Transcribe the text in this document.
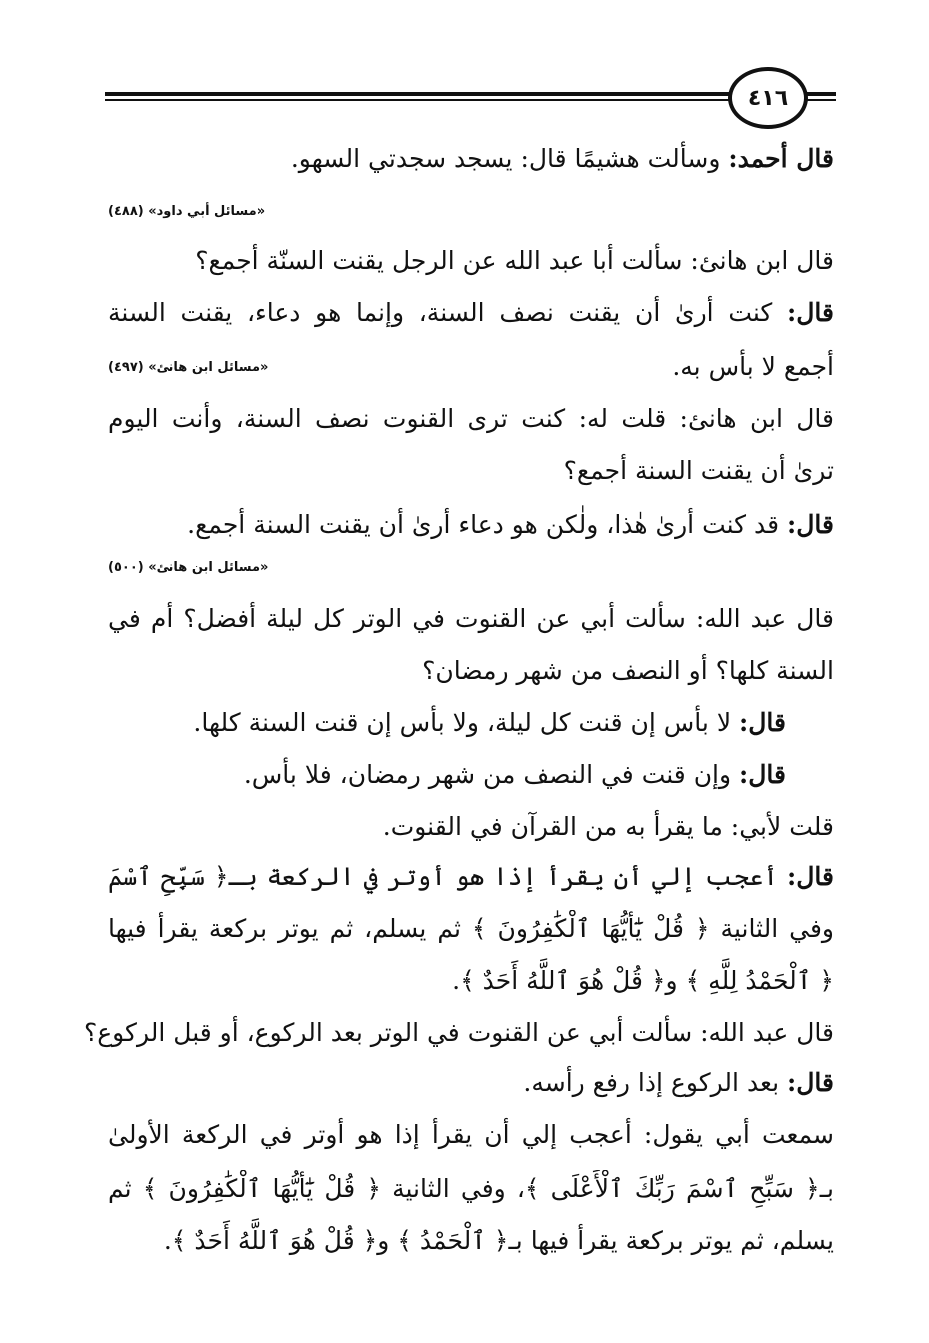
٤١٦
قال أحمد: وسألت هشيمًا قال: يسجد سجدتي السهو.
«مسائل أبي داود» (٤٨٨)
قال ابن هانئ: سألت أبا عبد الله عن الرجل يقنت السنّة أجمع؟
قال: كنت أرىٰ أن يقنت نصف السنة، وإنما هو دعاء، يقنت السنة
أجمع لا بأس به.
«مسائل ابن هانئ» (٤٩٧)
قال ابن هانئ: قلت له: كنت ترى القنوت نصف السنة، وأنت اليوم
ترىٰ أن يقنت السنة أجمع؟
قال: قد كنت أرىٰ هٰذا، ولٰكن هو دعاء أرىٰ أن يقنت السنة أجمع.
«مسائل ابن هانئ» (٥٠٠)
قال عبد الله: سألت أبي عن القنوت في الوتر كل ليلة أفضل؟ أم في
السنة كلها؟ أو النصف من شهر رمضان؟
قال: لا بأس إن قنت كل ليلة، ولا بأس إن قنت السنة كلها.
قال: وإن قنت في النصف من شهر رمضان، فلا بأس.
قلت لأبي: ما يقرأ به من القرآن في القنوت.
قال: أعجب إلي أن يقرأ إذا هو أوتر في الركعة بـ﴿ سَبِّحِ ٱسْمَ
وفي الثانية ﴿ قُلْ يَٰٓأَيُّهَا ٱلْكَٰفِرُونَ ﴾ ثم يسلم، ثم يوتر بركعة يقرأ فيها
﴿ ٱلْحَمْدُ لِلَّهِ ﴾ و﴿ قُلْ هُوَ ٱللَّهُ أَحَدٌ ﴾.
قال عبد الله: سألت أبي عن القنوت في الوتر بعد الركوع، أو قبل الركوع؟
قال: بعد الركوع إذا رفع رأسه.
سمعت أبي يقول: أعجب إلي أن يقرأ إذا هو أوتر في الركعة الأولىٰ
بـ﴿ سَبِّحِ ٱسْمَ رَبِّكَ ٱلْأَعْلَى ﴾، وفي الثانية ﴿ قُلْ يَٰٓأَيُّهَا ٱلْكَٰفِرُونَ ﴾ ثم
يسلم، ثم يوتر بركعة يقرأ فيها بـ﴿ ٱلْحَمْدُ ﴾ و﴿ قُلْ هُوَ ٱللَّهُ أَحَدٌ ﴾.
